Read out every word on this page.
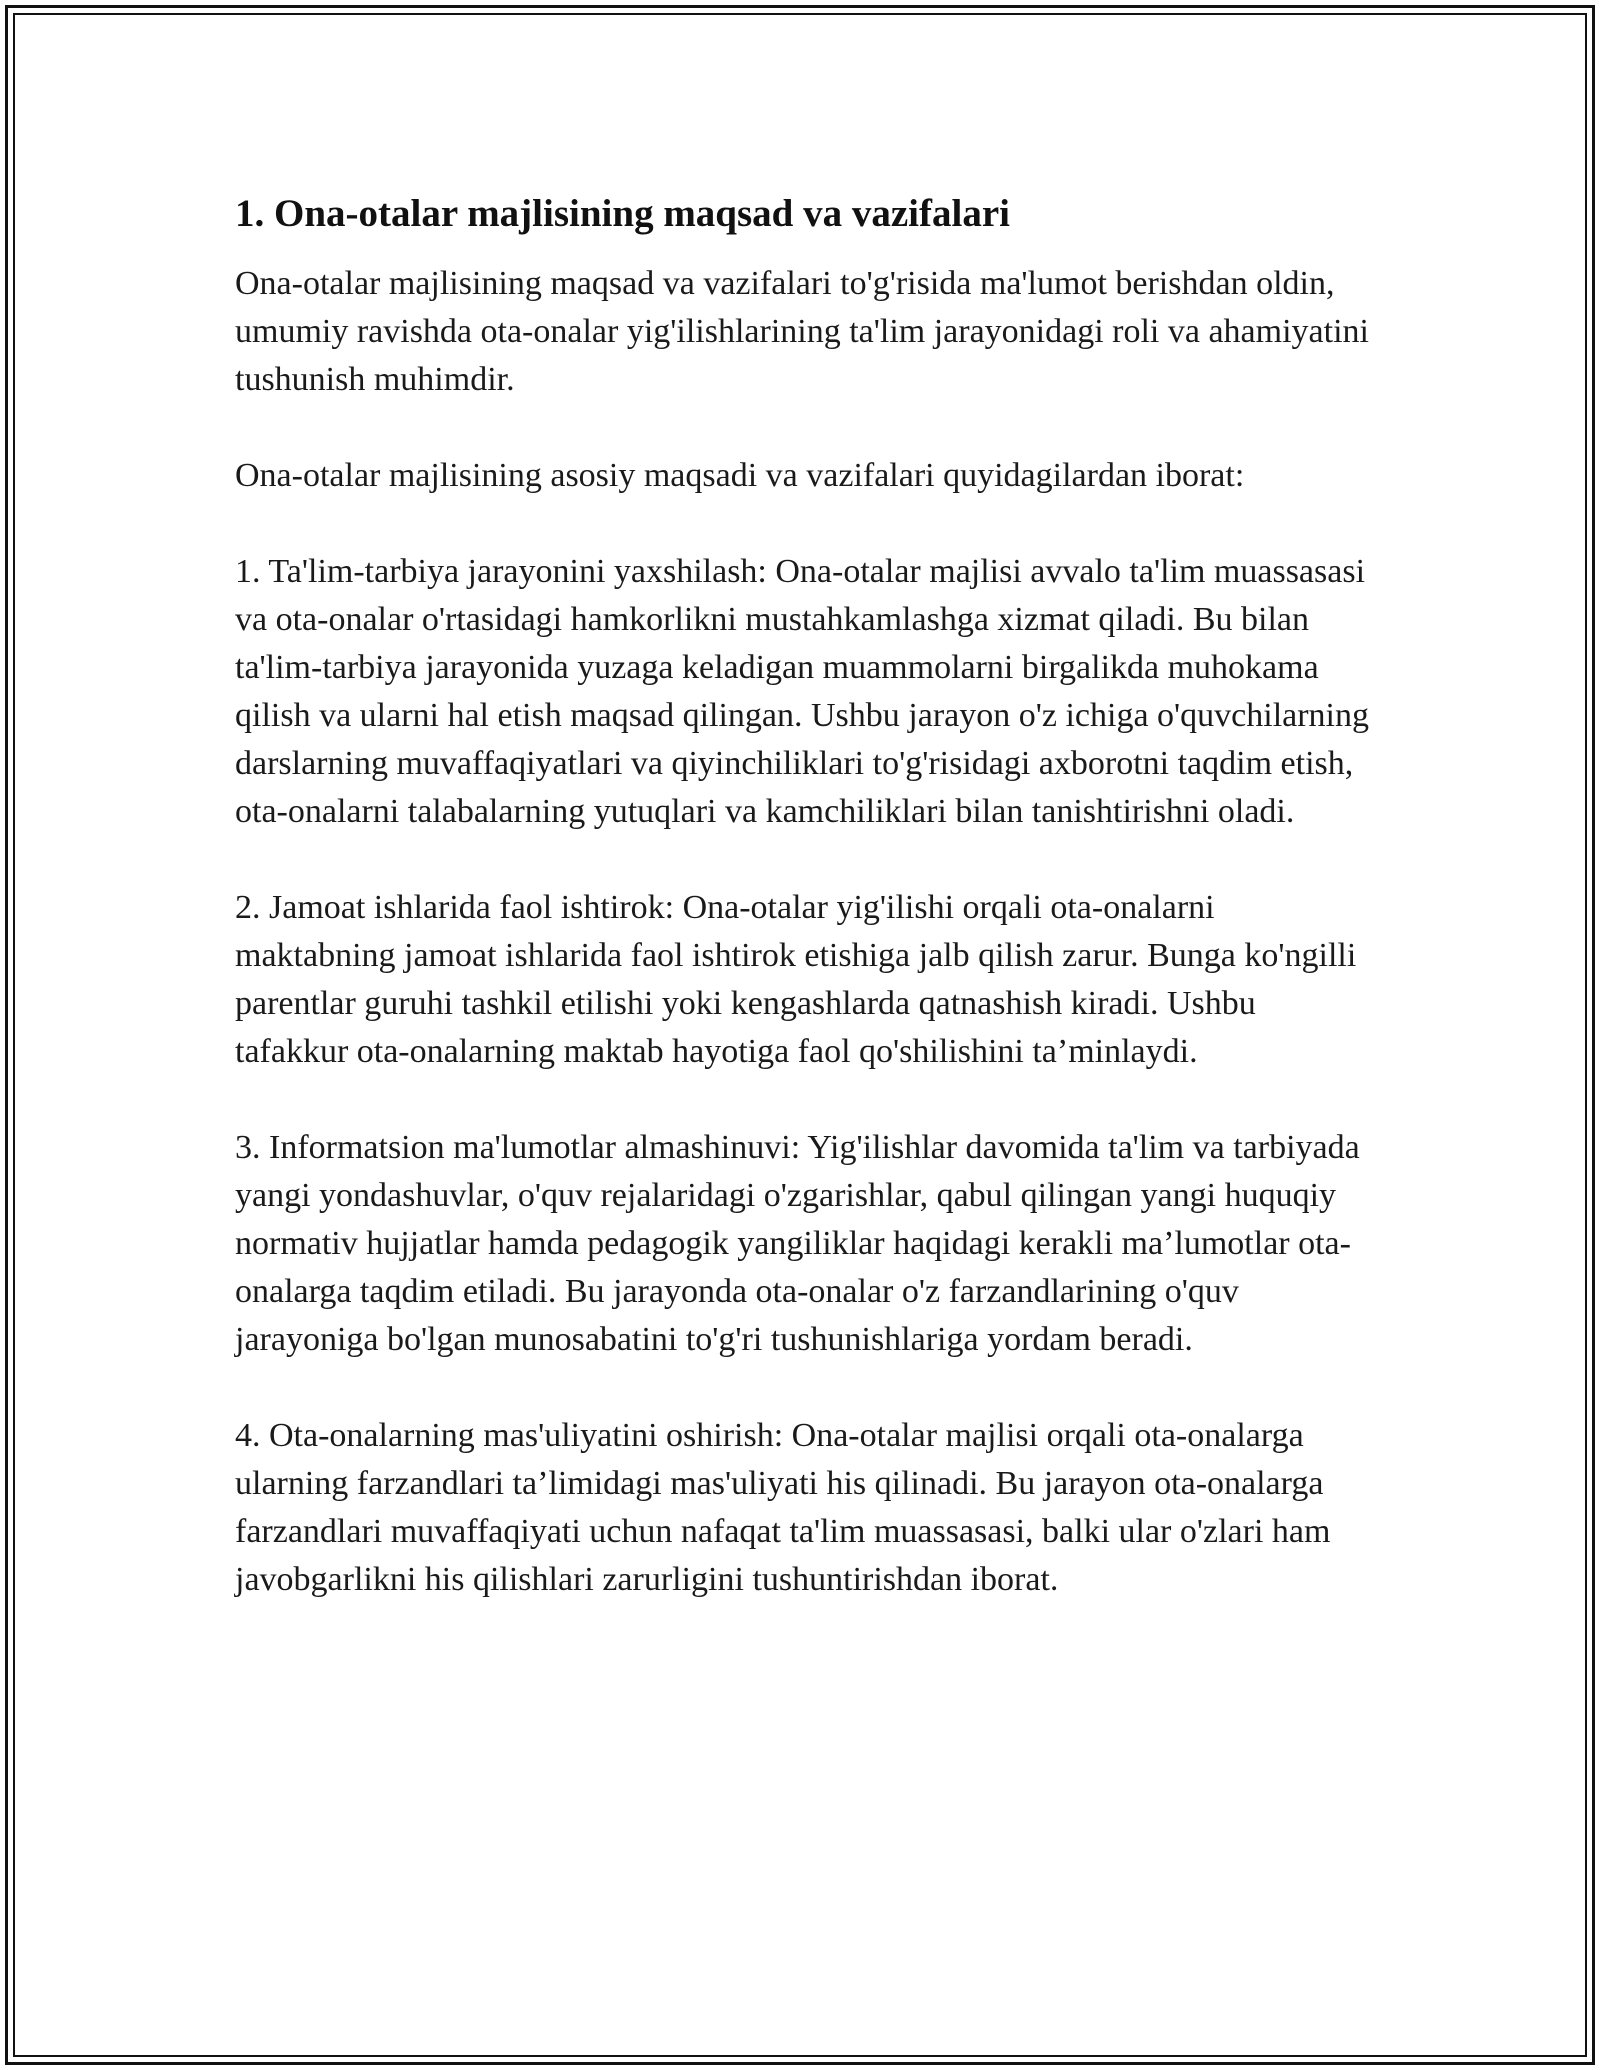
1. Ona-otalar majlisining maqsad va vazifalari

Ona-otalar majlisining maqsad va vazifalari to'g'risida ma'lumot berishdan oldin, umumiy ravishda ota-onalar yig'ilishlarining ta'lim jarayonidagi roli va ahamiyatini tushunish muhimdir.

Ona-otalar majlisining asosiy maqsadi va vazifalari quyidagilardan iborat:

1. Ta'lim-tarbiya jarayonini yaxshilash: Ona-otalar majlisi avvalo ta'lim muassasasi va ota-onalar o'rtasidagi hamkorlikni mustahkamlashga xizmat qiladi. Bu bilan ta'lim-tarbiya jarayonida yuzaga keladigan muammolarni birgalikda muhokama qilish va ularni hal etish maqsad qilingan. Ushbu jarayon o'z ichiga o'quvchilarning darslarning muvaffaqiyatlari va qiyinchiliklari to'g'risidagi axborotni taqdim etish, ota-onalarni talabalarning yutuqlari va kamchiliklari bilan tanishtirishni oladi.

2. Jamoat ishlarida faol ishtirok: Ona-otalar yig'ilishi orqali ota-onalarni maktabning jamoat ishlarida faol ishtirok etishiga jalb qilish zarur. Bunga ko'ngilli parentlar guruhi tashkil etilishi yoki kengashlarda qatnashish kiradi. Ushbu tafakkur ota-onalarning maktab hayotiga faol qo'shilishini ta’minlaydi.

3. Informatsion ma'lumotlar almashinuvi: Yig'ilishlar davomida ta'lim va tarbiyada yangi yondashuvlar, o'quv rejalaridagi o'zgarishlar, qabul qilingan yangi huquqiy normativ hujjatlar hamda pedagogik yangiliklar haqidagi kerakli ma’lumotlar ota-onalarga taqdim etiladi. Bu jarayonda ota-onalar o'z farzandlarining o'quv jarayoniga bo'lgan munosabatini to'g'ri tushunishlariga yordam beradi.

4. Ota-onalarning mas'uliyatini oshirish: Ona-otalar majlisi orqali ota-onalarga ularning farzandlari ta’limidagi mas'uliyati his qilinadi. Bu jarayon ota-onalarga farzandlari muvaffaqiyati uchun nafaqat ta'lim muassasasi, balki ular o'zlari ham javobgarlikni his qilishlari zarurligini tushuntirishdan iborat.
